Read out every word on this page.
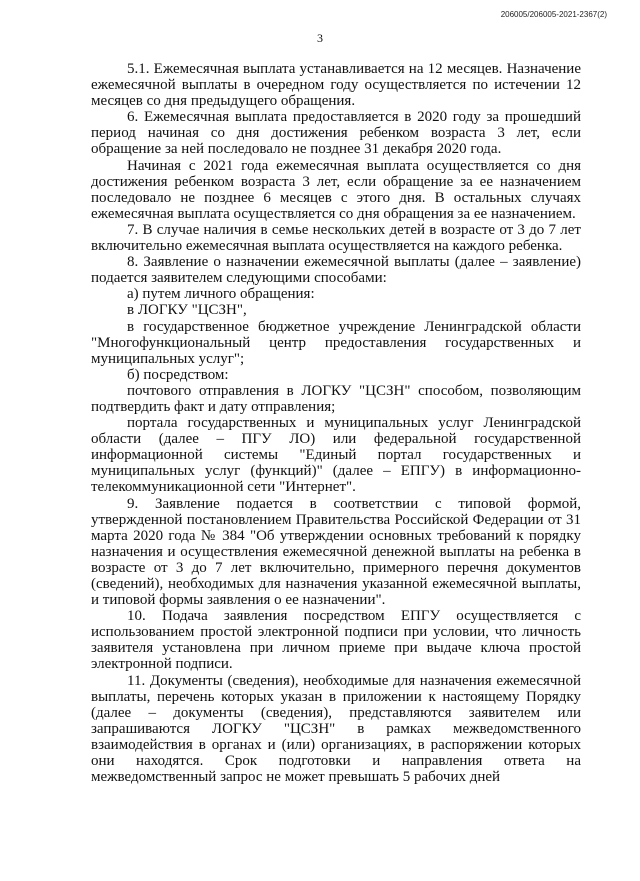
206005/206005-2021-2367(2)
3

5.1. Ежемесячная выплата устанавливается на 12 месяцев. Назначение ежемесячной выплаты в очередном году осуществляется по истечении 12 месяцев со дня предыдущего обращения.

6. Ежемесячная выплата предоставляется в 2020 году за прошедший период начиная со дня достижения ребенком возраста 3 лет, если обращение за ней последовало не позднее 31 декабря 2020 года.

Начиная с 2021 года ежемесячная выплата осуществляется со дня достижения ребенком возраста 3 лет, если обращение за ее назначением последовало не позднее 6 месяцев с этого дня. В остальных случаях ежемесячная выплата осуществляется со дня обращения за ее назначением.

7. В случае наличия в семье нескольких детей в возрасте от 3 до 7 лет включительно ежемесячная выплата осуществляется на каждого ребенка.

8. Заявление о назначении ежемесячной выплаты (далее – заявление) подается заявителем следующими способами:

а) путем личного обращения:

в ЛОГКУ "ЦСЗН",

в государственное бюджетное учреждение Ленинградской области "Многофункциональный центр предоставления государственных и муниципальных услуг";

б) посредством:

почтового отправления в ЛОГКУ "ЦСЗН" способом, позволяющим подтвердить факт и дату отправления;

портала государственных и муниципальных услуг Ленинградской области (далее – ПГУ ЛО) или федеральной государственной информационной системы "Единый портал государственных и муниципальных услуг (функций)" (далее – ЕПГУ) в информационно-телекоммуникационной сети "Интернет".

9. Заявление подается в соответствии с типовой формой, утвержденной постановлением Правительства Российской Федерации от 31 марта 2020 года № 384 "Об утверждении основных требований к порядку назначения и осуществления ежемесячной денежной выплаты на ребенка в возрасте от 3 до 7 лет включительно, примерного перечня документов (сведений), необходимых для назначения указанной ежемесячной выплаты, и типовой формы заявления о ее назначении".

10. Подача заявления посредством ЕПГУ осуществляется с использованием простой электронной подписи при условии, что личность заявителя установлена при личном приеме при выдаче ключа простой электронной подписи.

11. Документы (сведения), необходимые для назначения ежемесячной выплаты, перечень которых указан в приложении к настоящему Порядку (далее – документы (сведения), представляются заявителем или запрашиваются ЛОГКУ "ЦСЗН" в рамках межведомственного взаимодействия в органах и (или) организациях, в распоряжении которых они находятся. Срок подготовки и направления ответа на межведомственный запрос не может превышать 5 рабочих дней
